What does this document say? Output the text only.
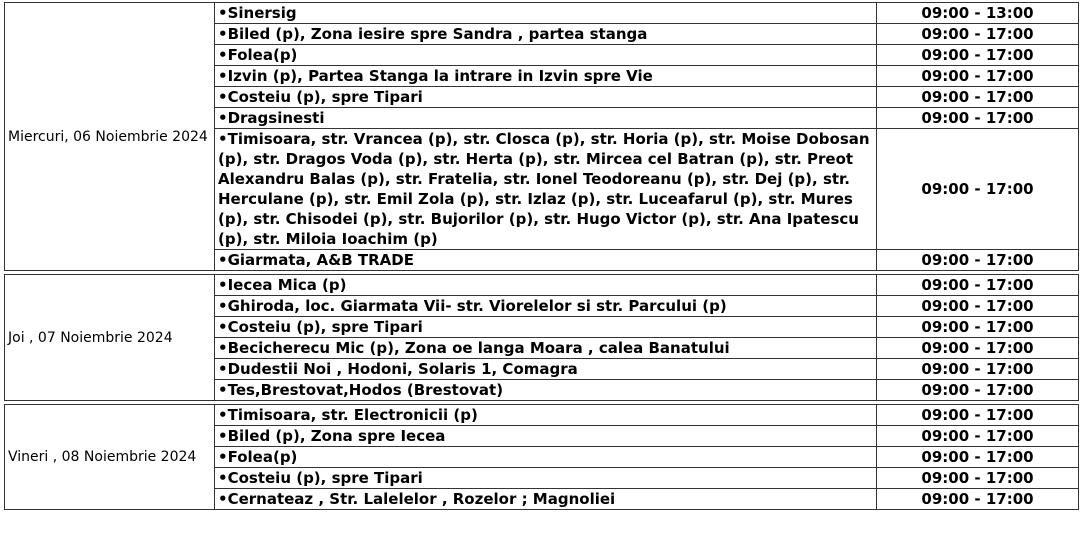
Miercuri, 06 Noiembrie 2024	•Sinersig	09:00 - 13:00
	•Biled (p), Zona iesire spre Sandra , partea stanga	09:00 - 17:00
	•Folea(p)	09:00 - 17:00
	•Izvin (p), Partea Stanga la intrare in Izvin spre Vie	09:00 - 17:00
	•Costeiu (p), spre Tipari	09:00 - 17:00
	•Dragsinesti	09:00 - 17:00
	•Timisoara, str. Vrancea (p), str. Closca (p), str. Horia (p), str. Moise Dobosan (p), str. Dragos Voda (p), str. Herta (p), str. Mircea cel Batran (p), str. Preot Alexandru Balas (p), str. Fratelia, str. Ionel Teodoreanu (p), str. Dej (p), str. Herculane (p), str. Emil Zola (p), str. Izlaz (p), str. Luceafarul (p), str. Mures (p), str. Chisodei (p), str. Bujorilor (p), str. Hugo Victor (p), str. Ana Ipatescu (p), str. Miloia Ioachim (p)	09:00 - 17:00
	•Giarmata, A&B TRADE	09:00 - 17:00

Joi , 07 Noiembrie 2024	•Iecea Mica (p)	09:00 - 17:00
	•Ghiroda, loc. Giarmata Vii- str. Viorelelor si str. Parcului (p)	09:00 - 17:00
	•Costeiu (p), spre Tipari	09:00 - 17:00
	•Becicherecu Mic (p), Zona oe langa Moara , calea Banatului	09:00 - 17:00
	•Dudestii Noi , Hodoni, Solaris 1, Comagra	09:00 - 17:00
	•Tes,Brestovat,Hodos (Brestovat)	09:00 - 17:00

Vineri , 08 Noiembrie 2024	•Timisoara, str. Electronicii (p)	09:00 - 17:00
	•Biled (p), Zona spre Iecea	09:00 - 17:00
	•Folea(p)	09:00 - 17:00
	•Costeiu (p), spre Tipari	09:00 - 17:00
	•Cernateaz , Str. Lalelelor , Rozelor ; Magnoliei	09:00 - 17:00
